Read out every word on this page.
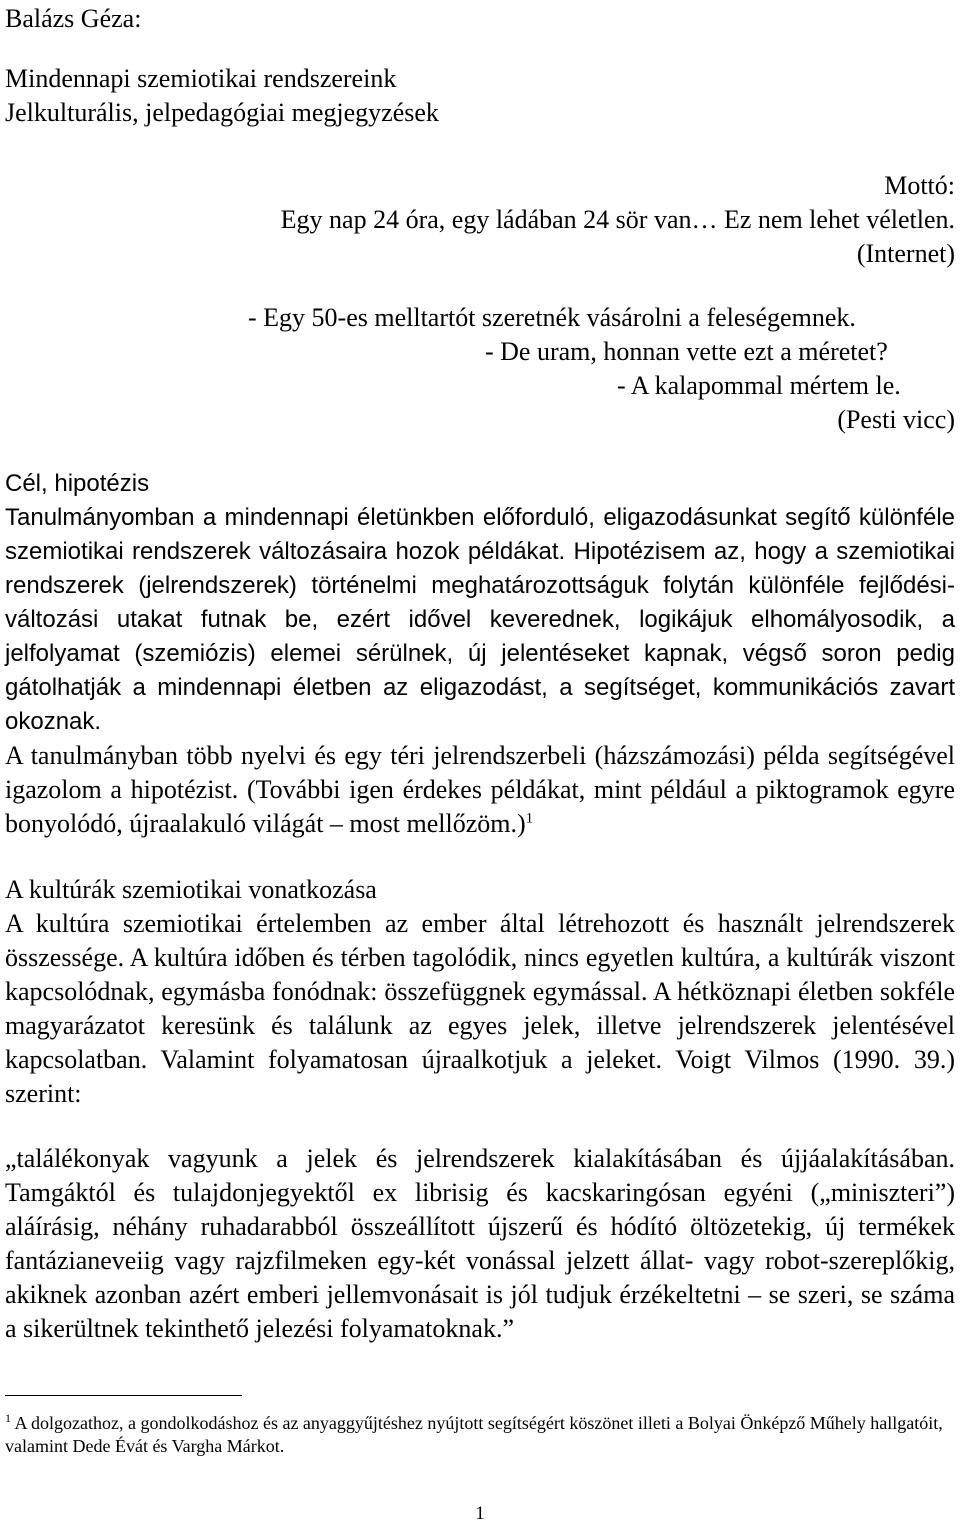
Balázs Géza:
Mindennapi szemiotikai rendszereink
Jelkulturális, jelpedagógiai megjegyzések
Mottó:
Egy nap 24 óra, egy ládában 24 sör van… Ez nem lehet véletlen.
(Internet)
- Egy 50-es melltartót szeretnék vásárolni a feleségemnek.
- De uram, honnan vette ezt a méretet?
- A kalapommal mértem le.
(Pesti vicc)
Cél, hipotézis
Tanulmányomban a mindennapi életünkben előforduló, eligazodásunkat segítő különféle szemiotikai rendszerek változásaira hozok példákat. Hipotézisem az, hogy a szemiotikai rendszerek (jelrendszerek) történelmi meghatározottságuk folytán különféle fejlődési-változási utakat futnak be, ezért idővel keverednek, logikájuk elhomályosodik, a jelfolyamat (szemiózis) elemei sérülnek, új jelentéseket kapnak, végső soron pedig gátolhatják a mindennapi életben az eligazodást, a segítséget, kommunikációs zavart okoznak.
A tanulmányban több nyelvi és egy téri jelrendszerbeli (házszámozási) példa segítségével igazolom a hipotézist. (További igen érdekes példákat, mint például a piktogramok egyre bonyolódó, újraalakuló világát – most mellőzöm.)$^1$
A kultúrák szemiotikai vonatkozása
A kultúra szemiotikai értelemben az ember által létrehozott és használt jelrendszerek összessége. A kultúra időben és térben tagolódik, nincs egyetlen kultúra, a kultúrák viszont kapcsolódnak, egymásba fonódnak: összefüggnek egymással. A hétköznapi életben sokféle magyarázatot keresünk és találunk az egyes jelek, illetve jelrendszerek jelentésével kapcsolatban. Valamint folyamatosan újraalkotjuk a jeleket. Voigt Vilmos (1990. 39.) szerint:
„találékonyak vagyunk a jelek és jelrendszerek kialakításában és újjáalakításában. Tamgáktól és tulajdonjegyektől ex librisig és kacskaringósan egyéni („miniszteri”) aláírásig, néhány ruhadarabból összeállított újszerű és hódító öltözetekig, új termékek fantázianeveiig vagy rajzfilmeken egy-két vonással jelzett állat- vagy robot-szereplőkig, akiknek azonban azért emberi jellemvonásait is jól tudjuk érzékeltetni – se szeri, se száma a sikerültnek tekinthető jelezési folyamatoknak.”
$^1$ A dolgozathoz, a gondolkodáshoz és az anyaggyűjtéshez nyújtott segítségért köszönet illeti a Bolyai Önképző Műhely hallgatóit, valamint Dede Évát és Vargha Márkot.
1
